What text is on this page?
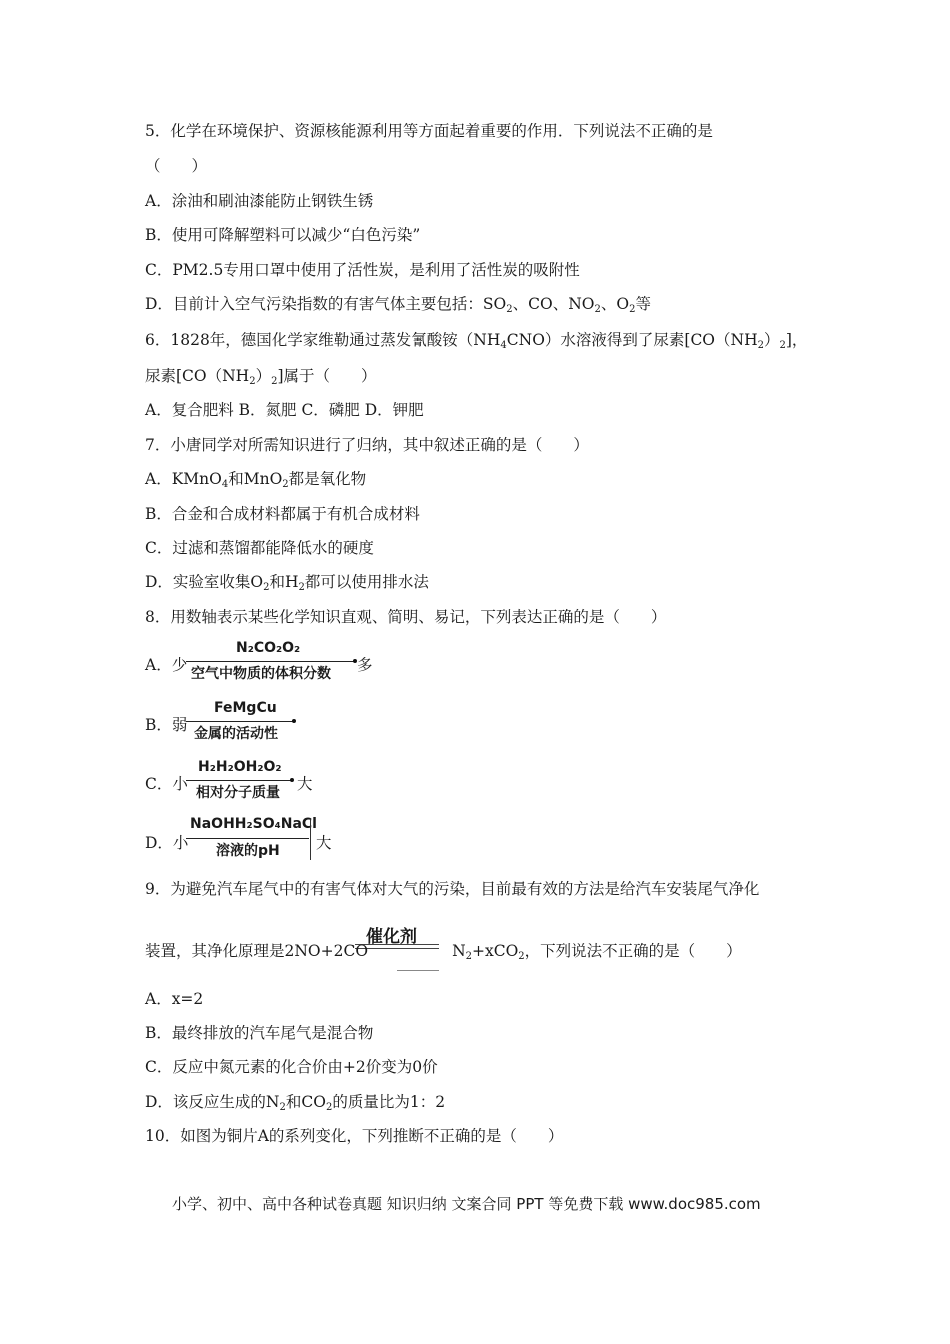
5．化学在环境保护、资源核能源利用等方面起着重要的作用．下列说法不正确的是
（　　）
A．涂油和刷油漆能防止钢铁生锈
B．使用可降解塑料可以减少“白色污染”
C．PM2.5专用口罩中使用了活性炭，是利用了活性炭的吸附性
D．目前计入空气污染指数的有害气体主要包括：$SO_2$、CO、$NO_2$、$O_2$等
6．1828年，德国化学家维勒通过蒸发氰酸铵$(NH_4CNO)$水溶液得到了尿素$[CO(NH_2)_2]$，
尿素$[CO(NH_2)_2]$属于（　　）
A．复合肥料 B．氮肥 C．磷肥 D．钾肥
7．小唐同学对所需知识进行了归纳，其中叙述正确的是（　　）
A．KMnO$_4$和MnO$_2$都是氧化物
B．合金和合成材料都属于有机合成材料
C．过滤和蒸馏都能降低水的硬度
D．实验室收集$O_2$和$H_2$都可以使用排水法
8．用数轴表示某些化学知识直观、简明、易记，下列表达正确的是（　　）
A．少
N₂CO₂O₂
空气中物质的体积分数 多
B．弱
FeMgCu
金属的活动性
C．小
H₂H₂OH₂O₂
相对分子质量 大
D．小
NaOHH₂SO₄NaCl
溶液的pH 大
9．为避免汽车尾气中的有害气体对大气的污染，目前最有效的方法是给汽车安装尾气净化
催化剂
装置，其净化原理是2NO+2CO	$N_2+xCO_2$，下列说法不正确的是（　　）
A．x=2
B．最终排放的汽车尾气是混合物
C．反应中氮元素的化合价由+2价变为0价
D．该反应生成的$N_2$和$CO_2$的质量比为1：2
10．如图为铜片A的系列变化，下列推断不正确的是（　　）
小学、初中、高中各种试卷真题 知识归纳 文案合同 PPT 等免费下载 www.doc985.com
